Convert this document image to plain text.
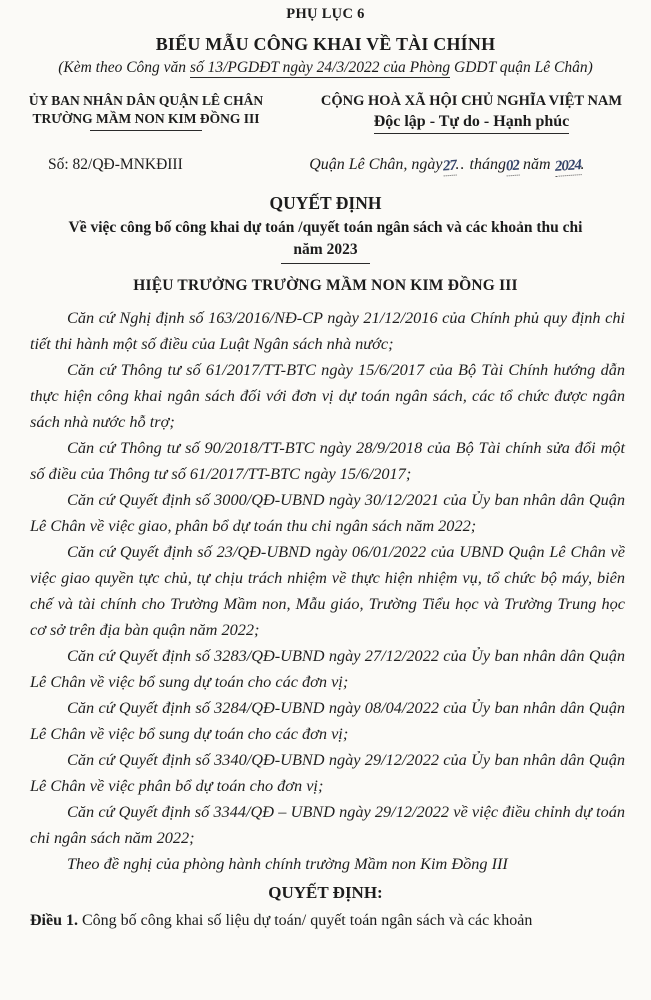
PHỤ LỤC 6
BIỂU MẪU CÔNG KHAI VỀ TÀI CHÍNH
(Kèm theo Công văn số 13/PGDĐT ngày 24/3/2022 của Phòng GDDT quận Lê Chân)
ỦY BAN NHÂN DÂN QUẬN LÊ CHÂN
TRƯỜNG MẦM NON KIM ĐỒNG III
CỘNG HOÀ XÃ HỘI CHỦ NGHĨA VIỆT NAM
Độc lập - Tự do - Hạnh phúc
Số: 82/QĐ-MNKĐIII	Quận Lê Chân, ngày27.. tháng02 năm 2024.
QUYẾT ĐỊNH
Về việc công bố công khai dự toán /quyết toán ngân sách và các khoản thu chi
năm 2023
HIỆU TRƯỞNG TRƯỜNG MẦM NON KIM ĐỒNG III

Căn cứ Nghị định số 163/2016/NĐ-CP ngày 21/12/2016 của Chính phủ quy định chi tiết thi hành một số điều của Luật Ngân sách nhà nước;

Căn cứ Thông tư số 61/2017/TT-BTC ngày 15/6/2017 của Bộ Tài Chính hướng dẫn thực hiện công khai ngân sách đối với đơn vị dự toán ngân sách, các tổ chức được ngân sách nhà nước hỗ trợ;

Căn cứ Thông tư số 90/2018/TT-BTC ngày 28/9/2018 của Bộ Tài chính sửa đổi một số điều của Thông tư số 61/2017/TT-BTC ngày 15/6/2017;

Căn cứ Quyết định số 3000/QĐ-UBND ngày 30/12/2021 của Ủy ban nhân dân Quận Lê Chân về việc giao, phân bổ dự toán thu chi ngân sách năm 2022;

Căn cứ Quyết định số 23/QĐ-UBND ngày 06/01/2022 của UBND Quận Lê Chân về việc giao quyền tực chủ, tự chịu trách nhiệm về thực hiện nhiệm vụ, tổ chức bộ máy, biên chế và tài chính cho Trường Mầm non, Mẫu giáo, Trường Tiểu học và Trường Trung học cơ sở trên địa bàn quận năm 2022;

Căn cứ Quyết định số 3283/QĐ-UBND ngày 27/12/2022 của Ủy ban nhân dân Quận Lê Chân về việc bổ sung dự toán cho các đơn vị;

Căn cứ Quyết định số 3284/QĐ-UBND ngày 08/04/2022 của Ủy ban nhân dân Quận Lê Chân về việc bổ sung dự toán cho các đơn vị;

Căn cứ Quyết định số 3340/QĐ-UBND ngày 29/12/2022 của Ủy ban nhân dân Quận Lê Chân về việc phân bổ dự toán cho đơn vị;

Căn cứ Quyết định số 3344/QĐ – UBND ngày 29/12/2022 về việc điều chỉnh dự toán chi ngân sách năm 2022;

Theo đề nghị của phòng hành chính trường Mầm non Kim Đồng III

QUYẾT ĐỊNH:
Điều 1. Công bố công khai số liệu dự toán/ quyết toán ngân sách và các khoản
